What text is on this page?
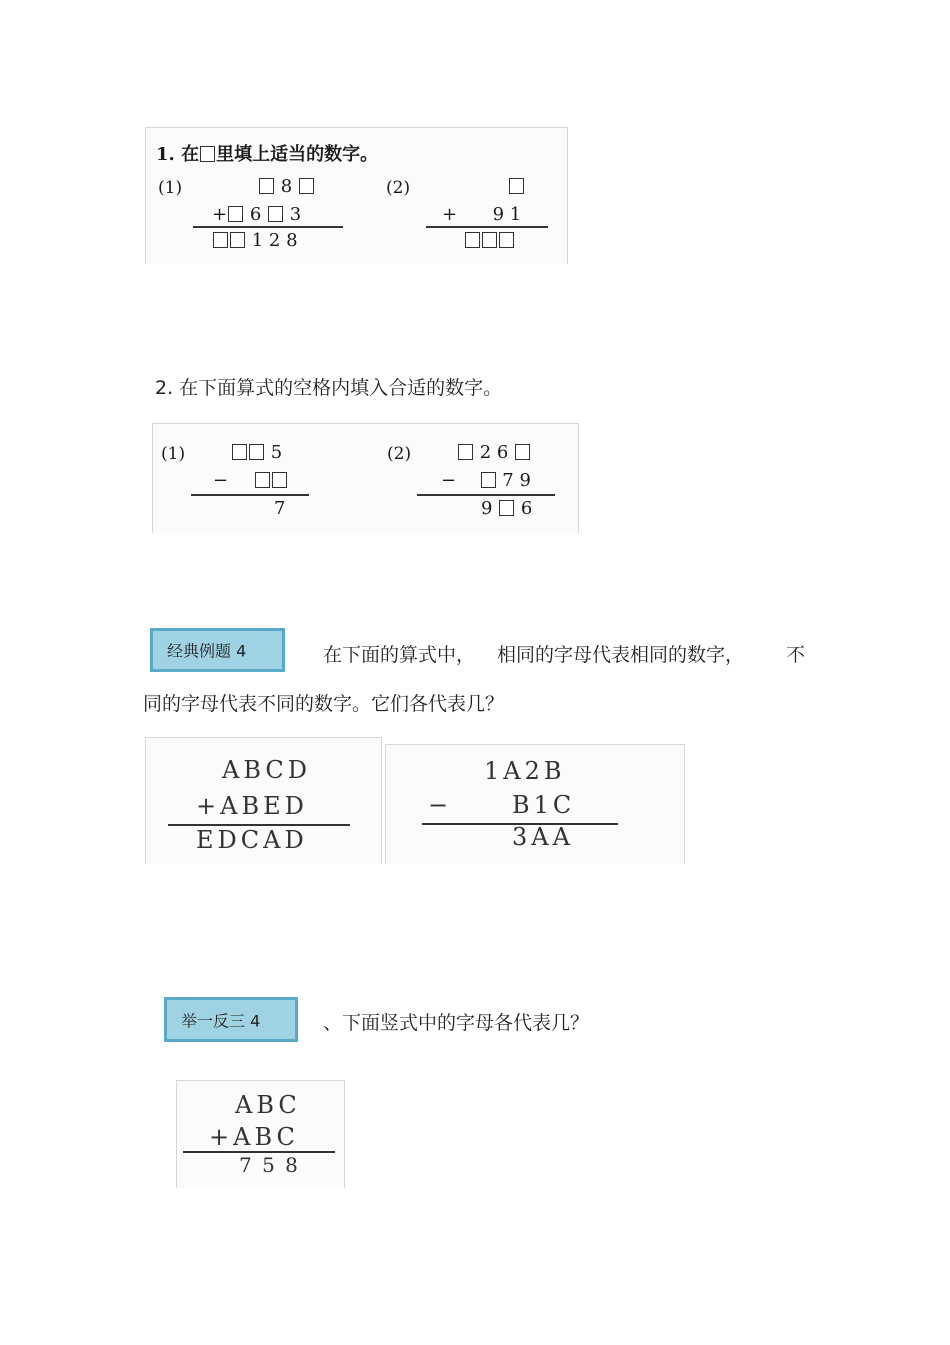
1. 在 里填上适当的数字。
(1)	8
+ 6 3
1 2 8
(2)
+ 9 1
2. 在下面算式的空格内填入合适的数字。
(1)	5
−
7
(2)	2 6
−	7 9
9 6
经典例题 4	在下面的算式中， 相同的字母代表相同的数字， 不
同的字母代表不同的数字。它们各代表几？
ABCD
+ABED
EDCAD
1A2B
− B1C
3AA
举一反三 4	、下面竖式中的字母各代表几？
ABC
+ABC
7 5 8
